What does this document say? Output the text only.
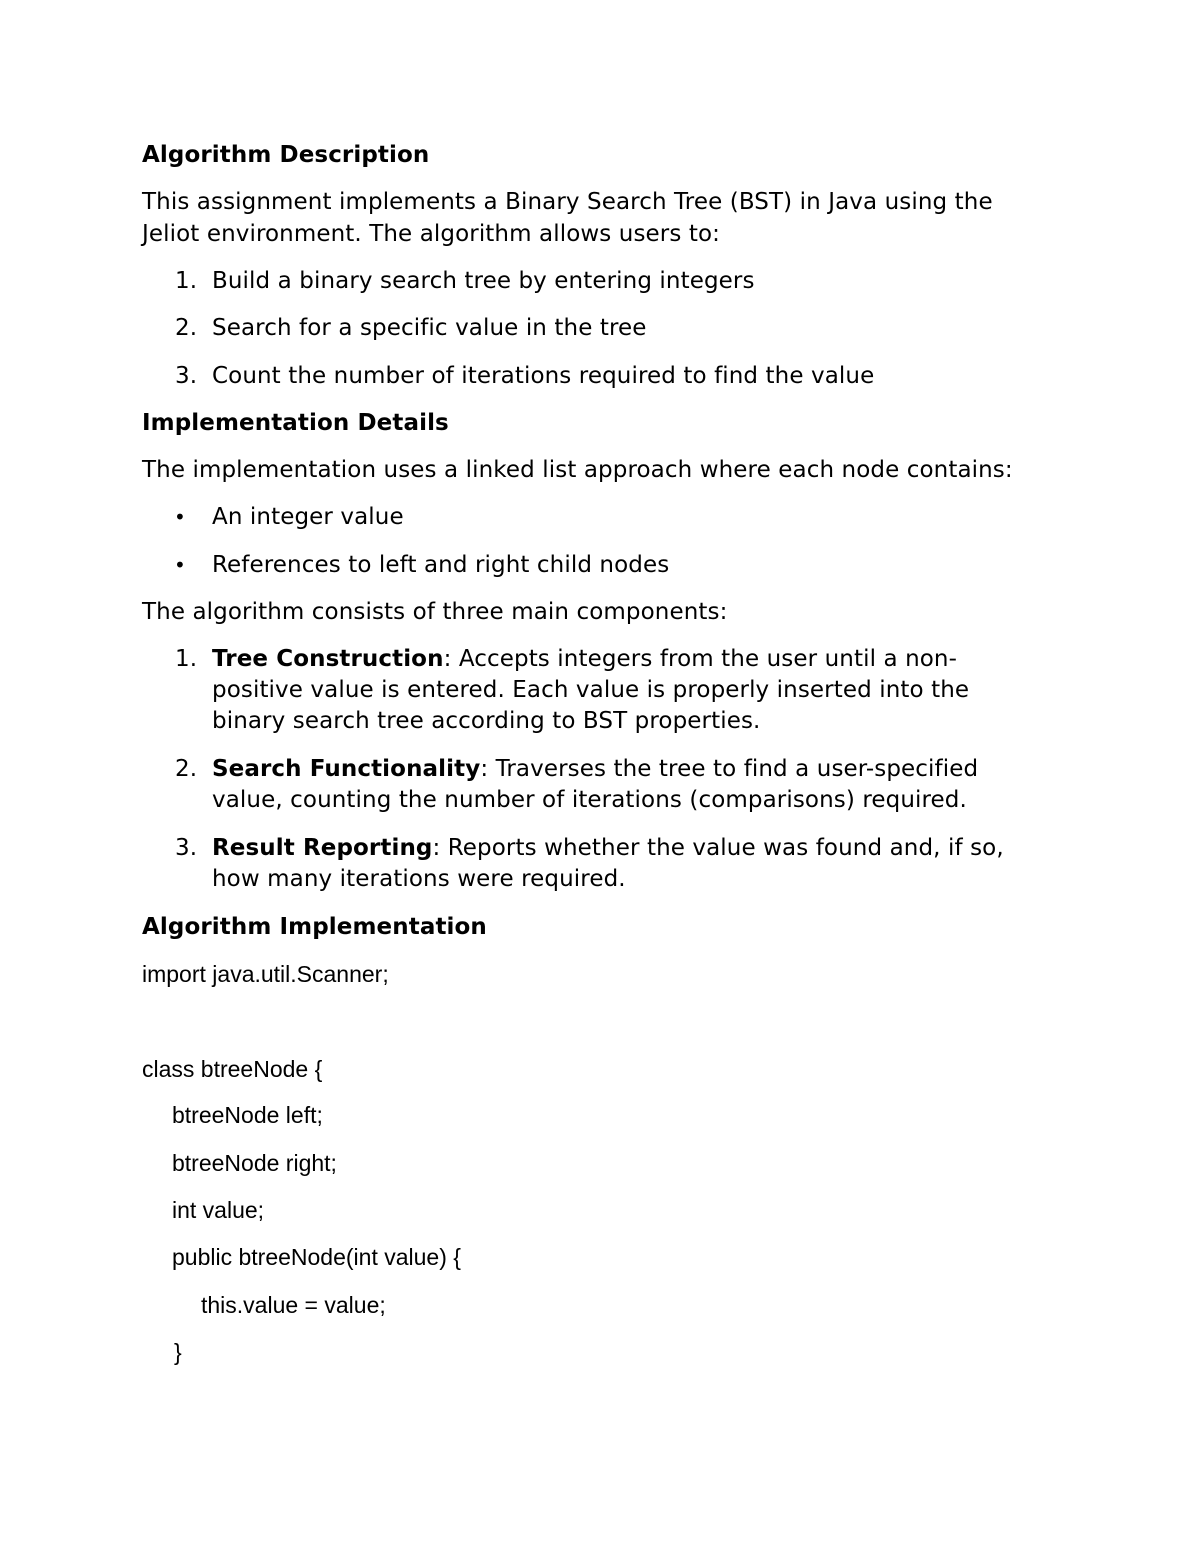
Algorithm Description
This assignment implements a Binary Search Tree (BST) in Java using the
Jeliot environment. The algorithm allows users to:
1. Build a binary search tree by entering integers
2. Search for a specific value in the tree
3. Count the number of iterations required to find the value
Implementation Details
The implementation uses a linked list approach where each node contains:
• An integer value
• References to left and right child nodes
The algorithm consists of three main components:
1. Tree Construction: Accepts integers from the user until a non-
positive value is entered. Each value is properly inserted into the
binary search tree according to BST properties.
2. Search Functionality: Traverses the tree to find a user-specified
value, counting the number of iterations (comparisons) required.
3. Result Reporting: Reports whether the value was found and, if so,
how many iterations were required.
Algorithm Implementation
import java.util.Scanner;
class btreeNode {
btreeNode left;
btreeNode right;
int value;
public btreeNode(int value) {
this.value = value;
}
